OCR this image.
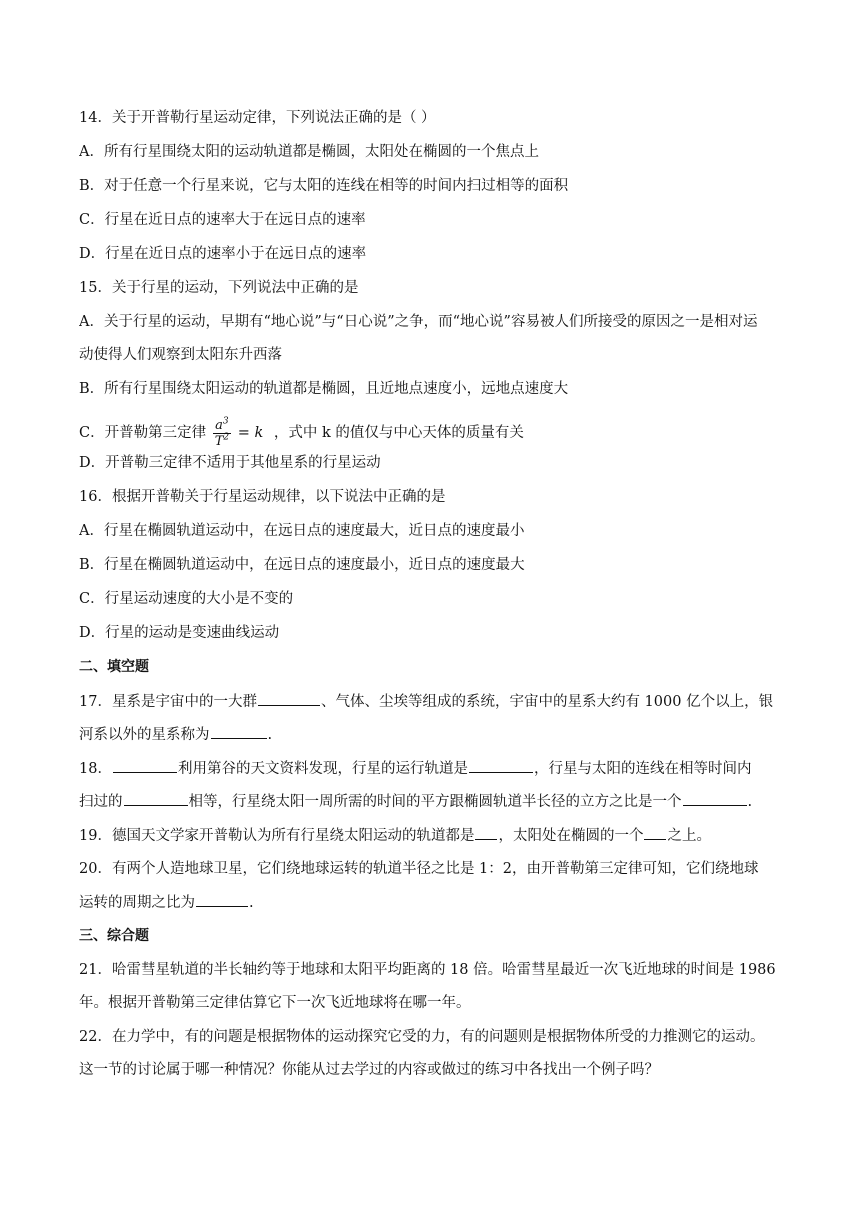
14．关于开普勒行星运动定律，下列说法正确的是（ ）

A．所有行星围绕太阳的运动轨道都是椭圆，太阳处在椭圆的一个焦点上

B．对于任意一个行星来说，它与太阳的连线在相等的时间内扫过相等的面积

C．行星在近日点的速率大于在远日点的速率

D．行星在近日点的速率小于在远日点的速率

15．关于行星的运动，下列说法中正确的是

A．关于行星的运动，早期有“地心说”与“日心说”之争，而“地心说”容易被人们所接受的原因之一是相对运

动使得人们观察到太阳东升西落

B．所有行星围绕太阳运动的轨道都是椭圆，且近地点速度小，远地点速度大

C．开普勒第三定律 $\frac{a^3}{T^2} = k$ ，式中 k 的值仅与中心天体的质量有关

D．开普勒三定律不适用于其他星系的行星运动

16．根据开普勒关于行星运动规律，以下说法中正确的是

A．行星在椭圆轨道运动中，在远日点的速度最大，近日点的速度最小

B．行星在椭圆轨道运动中，在远日点的速度最小，近日点的速度最大

C．行星运动速度的大小是不变的

D．行星的运动是变速曲线运动

二、填空题

17．星系是宇宙中的一大群	、气体、尘埃等组成的系统，宇宙中的星系大约有 1000 亿个以上，银

河系以外的星系称为	.

18．	利用第谷的天文资料发现，行星的运行轨道是	，行星与太阳的连线在相等时间内

扫过的	相等，行星绕太阳一周所需的时间的平方跟椭圆轨道半长径的立方之比是一个	.

19．德国天文学家开普勒认为所有行星绕太阳运动的轨道都是 ，太阳处在椭圆的一个 之上。

20．有两个人造地球卫星，它们绕地球运转的轨道半径之比是 1：2，由开普勒第三定律可知，它们绕地球

运转的周期之比为	.

三、综合题

21．哈雷彗星轨道的半长轴约等于地球和太阳平均距离的 18 倍。哈雷彗星最近一次飞近地球的时间是 1986

年。根据开普勒第三定律估算它下一次飞近地球将在哪一年。

22．在力学中，有的问题是根据物体的运动探究它受的力，有的问题则是根据物体所受的力推测它的运动。

这一节的讨论属于哪一种情况？你能从过去学过的内容或做过的练习中各找出一个例子吗？
